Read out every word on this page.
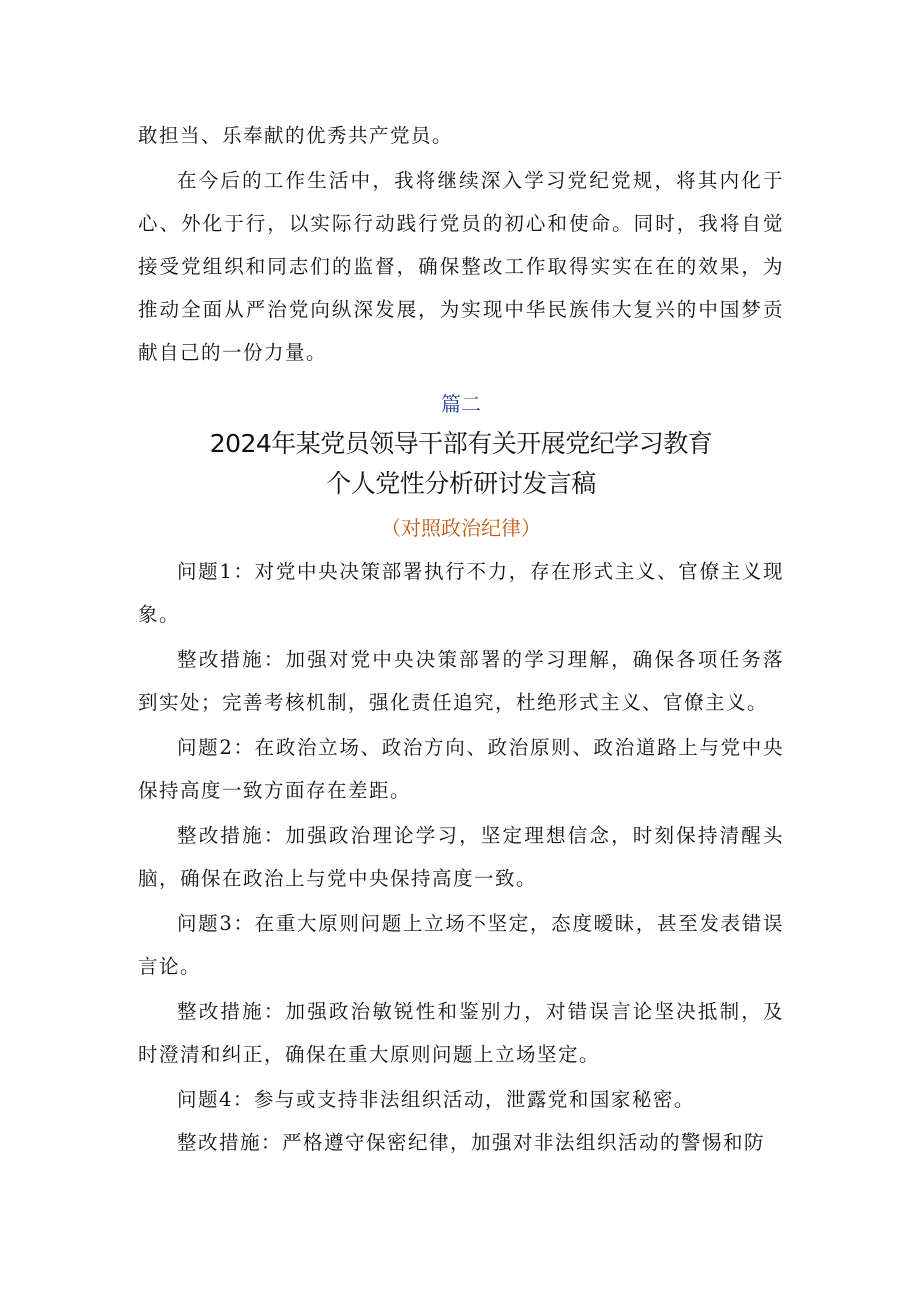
敢担当、乐奉献的优秀共产党员。

在今后的工作生活中，我将继续深入学习党纪党规，将其内化于心、外化于行，以实际行动践行党员的初心和使命。同时，我将自觉接受党组织和同志们的监督，确保整改工作取得实实在在的效果，为推动全面从严治党向纵深发展，为实现中华民族伟大复兴的中国梦贡献自己的一份力量。

篇二

2024年某党员领导干部有关开展党纪学习教育

个人党性分析研讨发言稿

（对照政治纪律）

问题1：对党中央决策部署执行不力，存在形式主义、官僚主义现象。

整改措施：加强对党中央决策部署的学习理解，确保各项任务落到实处；完善考核机制，强化责任追究，杜绝形式主义、官僚主义。

问题2：在政治立场、政治方向、政治原则、政治道路上与党中央保持高度一致方面存在差距。

整改措施：加强政治理论学习，坚定理想信念，时刻保持清醒头脑，确保在政治上与党中央保持高度一致。

问题3：在重大原则问题上立场不坚定，态度暧昧，甚至发表错误言论。

整改措施：加强政治敏锐性和鉴别力，对错误言论坚决抵制，及时澄清和纠正，确保在重大原则问题上立场坚定。

问题4：参与或支持非法组织活动，泄露党和国家秘密。

整改措施：严格遵守保密纪律，加强对非法组织活动的警惕和防
